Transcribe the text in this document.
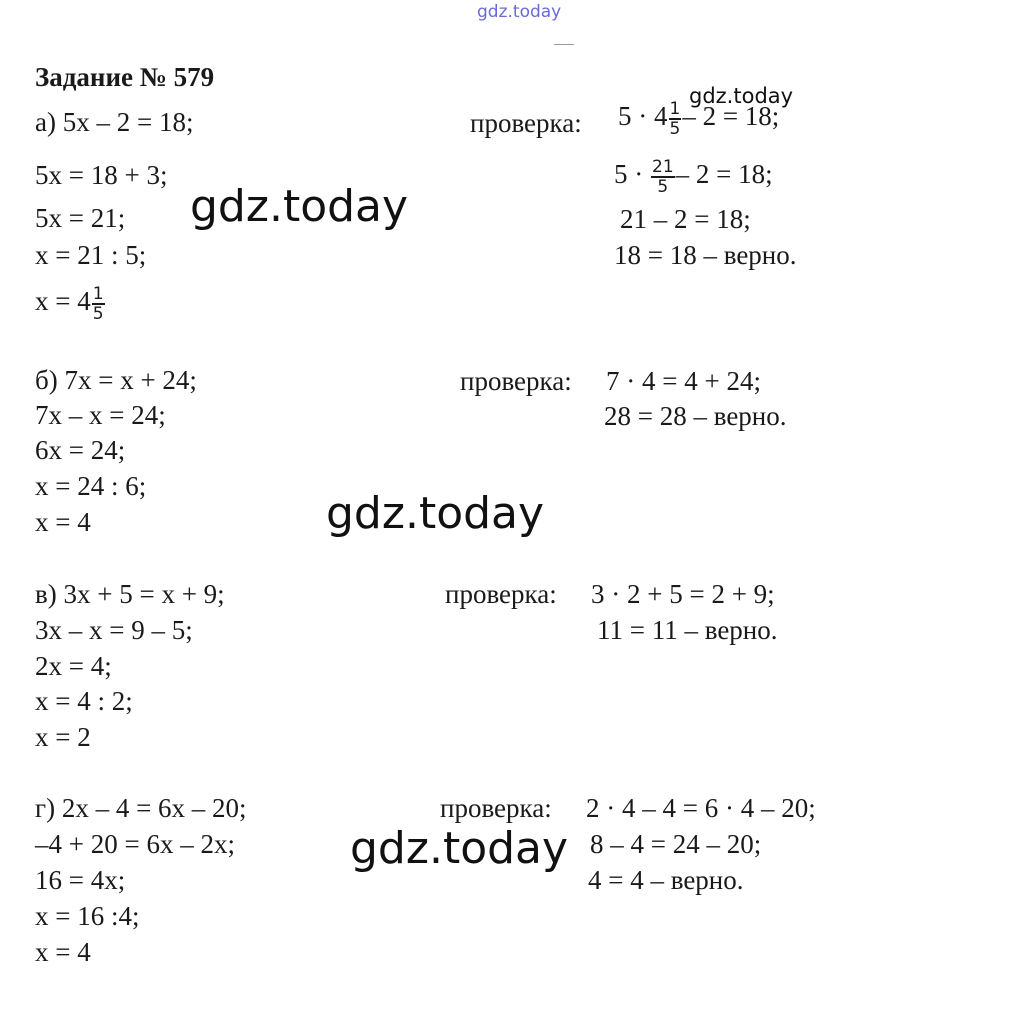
gdz.today
gdz.today
gdz.today
gdz.today
gdz.today
Задание № 579
а) 5x – 2 = 18;
5x = 18 + 3;
5x = 21;
x = 21 : 5;
$x = 4 \frac{1}{5}$
проверка: $5 \cdot 4 \frac{1}{5} - 2 = 18$;
$5 \cdot \frac{21}{5} - 2 = 18$;
21 – 2 = 18;
18 = 18 – верно.
б) 7x = x + 24;
7x – x = 24;
6x = 24;
x = 24 : 6;
x = 4
проверка: 7 · 4 = 4 + 24;
28 = 28 – верно.
в) 3x + 5 = x + 9;
3x – x = 9 – 5;
2x = 4;
x = 4 : 2;
x = 2
проверка: 3 · 2 + 5 = 2 + 9;
11 = 11 – верно.
г) 2x – 4 = 6x – 20;
–4 + 20 = 6x – 2x;
16 = 4x;
x = 16 :4;
x = 4
проверка: 2 · 4 – 4 = 6 · 4 – 20;
8 – 4 = 24 – 20;
4 = 4 – верно.
